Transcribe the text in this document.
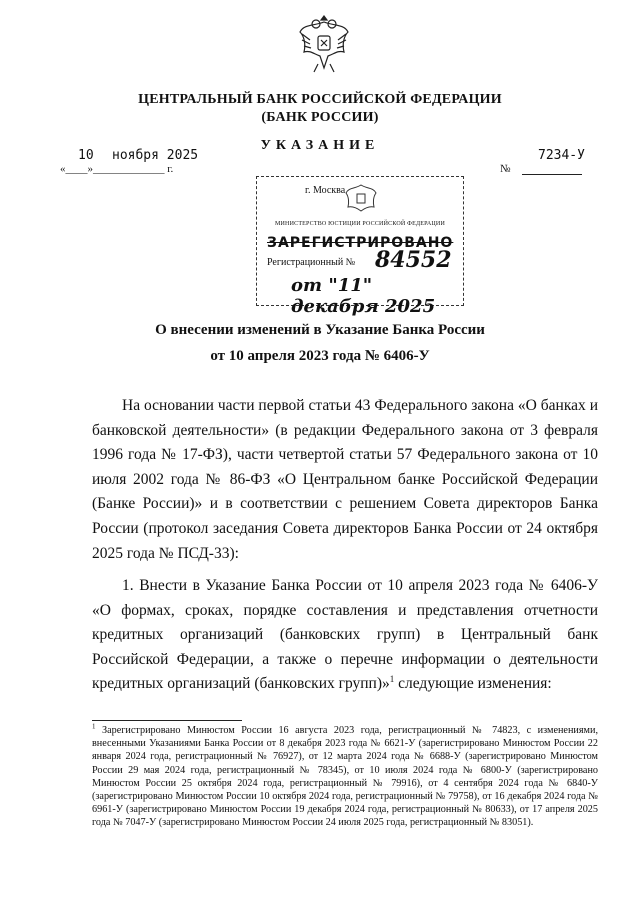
ЦЕНТРАЛЬНЫЙ БАНК РОССИЙСКОЙ ФЕДЕРАЦИИ
(БАНК РОССИИ)
УКАЗАНИЕ
10 ноября 2025
«____»_____________ г.
7234-У
№
г. Москва
МИНИСТЕРСТВО ЮСТИЦИИ РОССИЙСКОЙ ФЕДЕРАЦИИ
ЗАРЕГИСТРИРОВАНО
Регистрационный № 84552
от "11" декабря 2025
О внесении изменений в Указание Банка России
от 10 апреля 2023 года № 6406-У
На основании части первой статьи 43 Федерального закона «О банках и банковской деятельности» (в редакции Федерального закона от 3 февраля 1996 года № 17-ФЗ), части четвертой статьи 57 Федерального закона от 10 июля 2002 года № 86-ФЗ «О Центральном банке Российской Федерации (Банке России)» и в соответствии с решением Совета директоров Банка России (протокол заседания Совета директоров Банка России от 24 октября 2025 года № ПСД-33):
1. Внести в Указание Банка России от 10 апреля 2023 года № 6406-У «О формах, сроках, порядке составления и представления отчетности кредитных организаций (банковских групп) в Центральный банк Российской Федерации, а также о перечне информации о деятельности кредитных организаций (банковских групп)»$^1$ следующие изменения:
$^1$ Зарегистрировано Минюстом России 16 августа 2023 года, регистрационный № 74823, с изменениями, внесенными Указаниями Банка России от 8 декабря 2023 года № 6621-У (зарегистрировано Минюстом России 22 января 2024 года, регистрационный № 76927), от 12 марта 2024 года № 6688-У (зарегистрировано Минюстом России 29 мая 2024 года, регистрационный № 78345), от 10 июля 2024 года № 6800-У (зарегистрировано Минюстом России 25 октября 2024 года, регистрационный № 79916), от 4 сентября 2024 года № 6840-У (зарегистрировано Минюстом России 10 октября 2024 года, регистрационный № 79758), от 16 декабря 2024 года № 6961-У (зарегистрировано Минюстом России 19 декабря 2024 года, регистрационный № 80633), от 17 апреля 2025 года № 7047-У (зарегистрировано Минюстом России 24 июля 2025 года, регистрационный № 83051).
